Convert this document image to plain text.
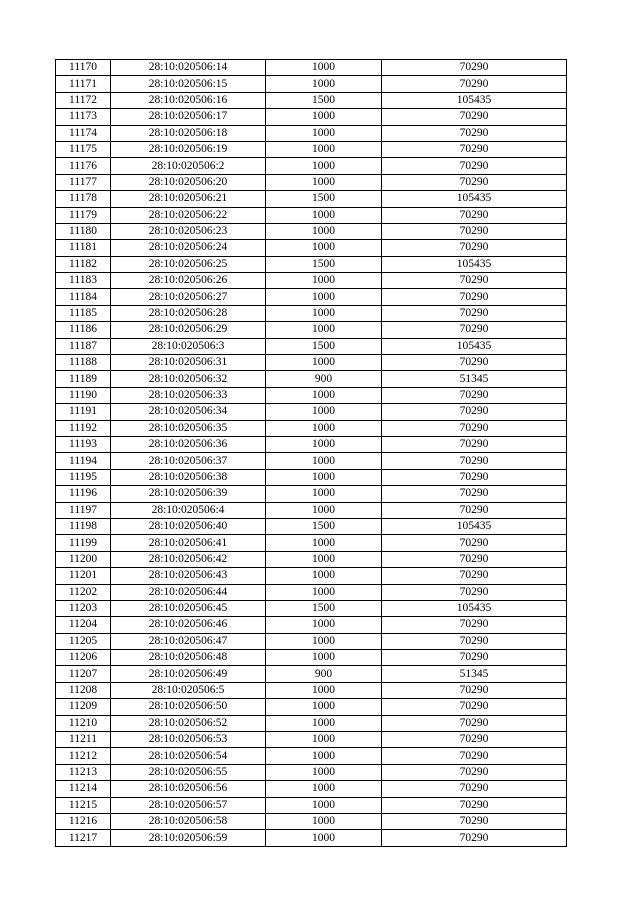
11170	28:10:020506:14	1000	70290
11171	28:10:020506:15	1000	70290
11172	28:10:020506:16	1500	105435
11173	28:10:020506:17	1000	70290
11174	28:10:020506:18	1000	70290
11175	28:10:020506:19	1000	70290
11176	28:10:020506:2	1000	70290
11177	28:10:020506:20	1000	70290
11178	28:10:020506:21	1500	105435
11179	28:10:020506:22	1000	70290
11180	28:10:020506:23	1000	70290
11181	28:10:020506:24	1000	70290
11182	28:10:020506:25	1500	105435
11183	28:10:020506:26	1000	70290
11184	28:10:020506:27	1000	70290
11185	28:10:020506:28	1000	70290
11186	28:10:020506:29	1000	70290
11187	28:10:020506:3	1500	105435
11188	28:10:020506:31	1000	70290
11189	28:10:020506:32	900	51345
11190	28:10:020506:33	1000	70290
11191	28:10:020506:34	1000	70290
11192	28:10:020506:35	1000	70290
11193	28:10:020506:36	1000	70290
11194	28:10:020506:37	1000	70290
11195	28:10:020506:38	1000	70290
11196	28:10:020506:39	1000	70290
11197	28:10:020506:4	1000	70290
11198	28:10:020506:40	1500	105435
11199	28:10:020506:41	1000	70290
11200	28:10:020506:42	1000	70290
11201	28:10:020506:43	1000	70290
11202	28:10:020506:44	1000	70290
11203	28:10:020506:45	1500	105435
11204	28:10:020506:46	1000	70290
11205	28:10:020506:47	1000	70290
11206	28:10:020506:48	1000	70290
11207	28:10:020506:49	900	51345
11208	28:10:020506:5	1000	70290
11209	28:10:020506:50	1000	70290
11210	28:10:020506:52	1000	70290
11211	28:10:020506:53	1000	70290
11212	28:10:020506:54	1000	70290
11213	28:10:020506:55	1000	70290
11214	28:10:020506:56	1000	70290
11215	28:10:020506:57	1000	70290
11216	28:10:020506:58	1000	70290
11217	28:10:020506:59	1000	70290
